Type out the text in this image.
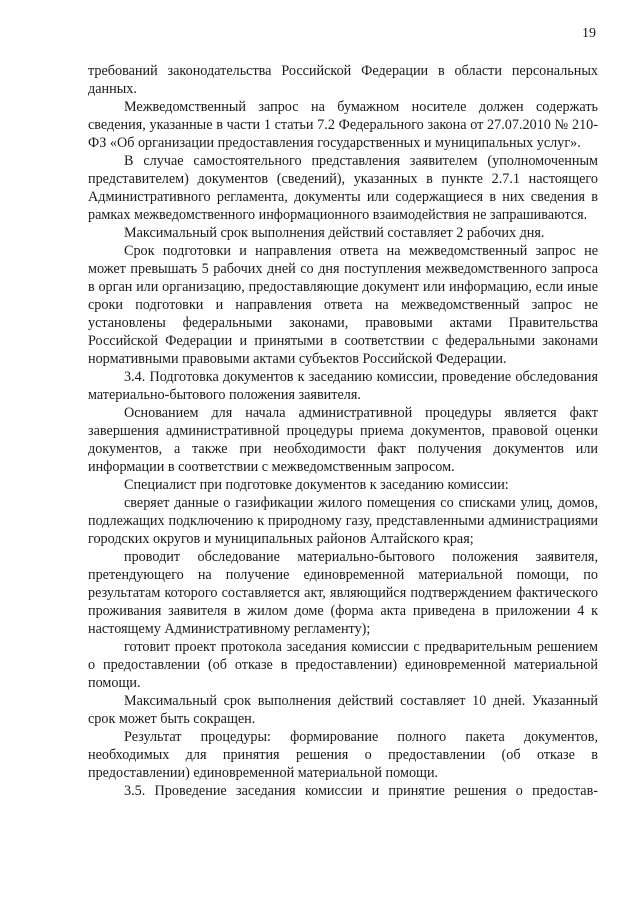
19

требований законодательства Российской Федерации в области персональных данных.

Межведомственный запрос на бумажном носителе должен содержать сведения, указанные в части 1 статьи 7.2 Федерального закона от 27.07.2010 № 210-ФЗ «Об организации предоставления государственных и муниципальных услуг».

В случае самостоятельного представления заявителем (уполномоченным представителем) документов (сведений), указанных в пункте 2.7.1 настоящего Административного регламента, документы или содержащиеся в них сведения в рамках межведомственного информационного взаимодействия не запрашиваются.

Максимальный срок выполнения действий составляет 2 рабочих дня.

Срок подготовки и направления ответа на межведомственный запрос не может превышать 5 рабочих дней со дня поступления межведомственного запроса в орган или организацию, предоставляющие документ или информацию, если иные сроки подготовки и направления ответа на межведомственный запрос не установлены федеральными законами, правовыми актами Правительства Российской Федерации и принятыми в соответствии с федеральными законами нормативными правовыми актами субъектов Российской Федерации.

3.4. Подготовка документов к заседанию комиссии, проведение обследования материально-бытового положения заявителя.

Основанием для начала административной процедуры является факт завершения административной процедуры приема документов, правовой оценки документов, а также при необходимости факт получения документов или информации в соответствии с межведомственным запросом.

Специалист при подготовке документов к заседанию комиссии:

сверяет данные о газификации жилого помещения со списками улиц, домов, подлежащих подключению к природному газу, представленными администрациями городских округов и муниципальных районов Алтайского края;

проводит обследование материально-бытового положения заявителя, претендующего на получение единовременной материальной помощи, по результатам которого составляется акт, являющийся подтверждением фактического проживания заявителя в жилом доме (форма акта приведена в приложении 4 к настоящему Административному регламенту);

готовит проект протокола заседания комиссии с предварительным решением о предоставлении (об отказе в предоставлении) единовременной материальной помощи.

Максимальный срок выполнения действий составляет 10 дней. Указанный срок может быть сокращен.

Результат процедуры: формирование полного пакета документов, необходимых для принятия решения о предоставлении (об отказе в предоставлении) единовременной материальной помощи.

3.5. Проведение заседания комиссии и принятие решения о предостав-
